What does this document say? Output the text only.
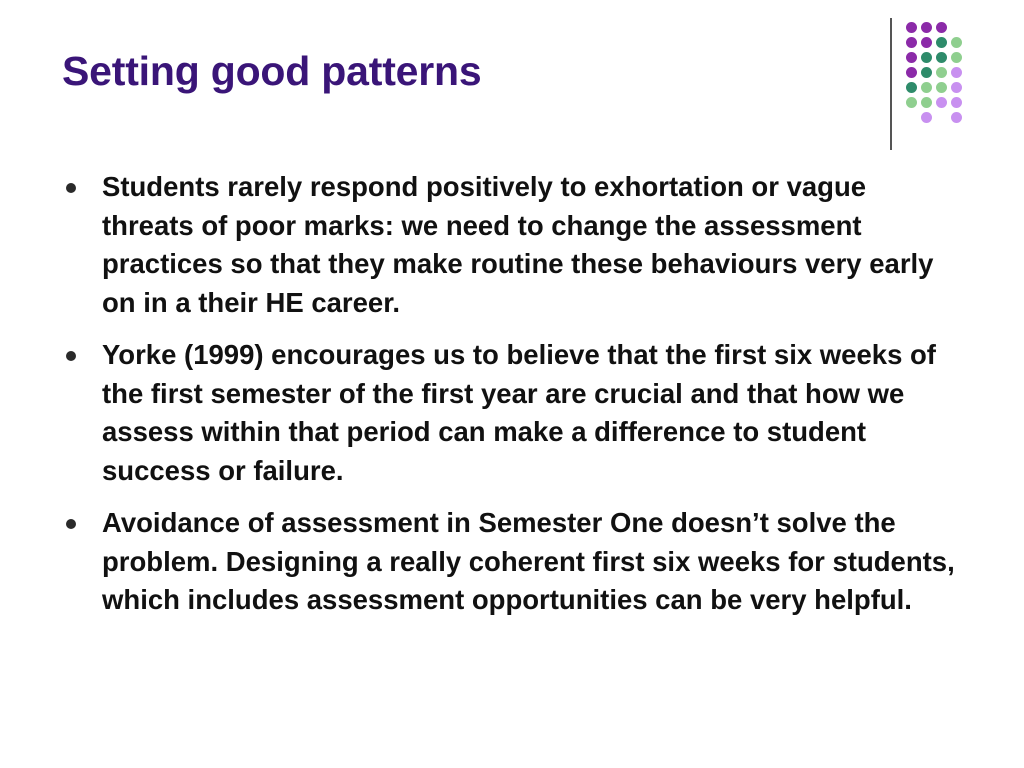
Setting good patterns
Students rarely respond positively to exhortation or vague threats of poor marks: we need to change the assessment practices so that they make routine these behaviours very early on in a their HE career.
Yorke (1999) encourages us to believe that the first six weeks of the first semester of the first year are crucial and that how we assess within that period can make a difference to student success or failure.
Avoidance of assessment in Semester One doesn’t solve the problem. Designing a really coherent first six weeks for students, which includes assessment opportunities can be very helpful.
